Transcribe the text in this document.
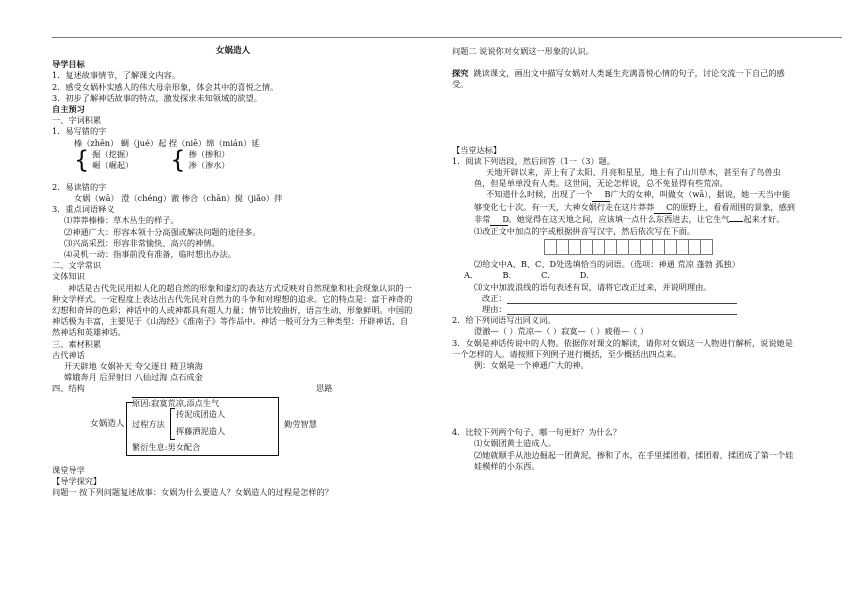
女娲造人
导学目标
1．复述故事情节，了解课文内容。
2．感受女娲朴实感人的伟大母亲形象，体会其中的喜悦之情。
3．初步了解神话故事的特点，激发探求未知领域的欲望。
自主预习
一、字词积累
1．易写错的字
榛（zhēn） 蜩（jué）起 捏（niē）绵（mián）延
{ 掘（挖掘）
崛（崛起）	{ 掺（掺和）
渗（渗水）
2．易读错的字
女娲（wā） 澄（chéng）澈 掺合（chān）搅（jiǎo）拌
3．重点词语释义
⑴莽莽榛榛：草木丛生的样子。
⑵神通广大：形容本领十分高强或解决问题的途径多。
⑶兴高采烈：形容非常愉快、高兴的神情。
⑷灵机一动：指事前没有准备，临时想出办法。
二、文学常识
文体知识
神话是古代先民用拟人化的超自然的形象和虚幻的表达方式反映对自然现象和社会现象认识的一种文学样式。一定程度上表达出古代先民对自然力的斗争和对理想的追求。它的特点是：富于神奇的幻想和奇异的色彩；神话中的人或神都具有超人力量；情节比较曲折，语言生动，形象鲜明。中国的神话极为丰富，主要见于《山海经》《淮南子》等作品中。神话一般可分为三种类型：开辟神话、自然神话和英雄神话。
三、素材积累
古代神话
开天辟地 女娲补天 夸父逐日 精卫填海
嫦娥奔月 后羿射日 八仙过海 点石成金
四、结构	思路
女娲造人
原因:寂寞荒凉,添点生气
过程方法
抟泥成团造人
挥藤洒泥造人
繁衍生息:男女配合
勤劳智慧
课堂导学
【导学探究】
问题一 按下列问题复述故事：女娲为什么要造人？女娲造人的过程是怎样的？
问题二 说说你对女娲这一形象的认识。
探究 跳读课文，画出文中描写女娲对人类诞生充满喜悦心情的句子，讨论交流一下自己的感受。
【当堂达标】
1．阅读下列语段，然后回答（1一（3）题。
天地开辟以来，弄上有了太阳、月亮和星星，地上有了山川草木，甚至有了鸟兽虫鱼，但是单单没有人类。这世间，无论怎样说，总不免显得有些荒凉。
不知道什么时候，出现了一个 B广大的女神，叫做女（wā），据说，她一天当中能够变化七十次。有一天，大神女娲行走在这片莽莽 C的原野上，看看周围的景象，感到非常 D。她觉得在这天地之间，应该填一点什么东西进去，让它生气 起来才好。
⑴改正文中加点的字或根据拼音写汉字，然后依次写在下面。
⑵给文中A、B、C、D处选填恰当的词语。（选项：神通 荒凉 蓬勃 孤独）
A.	B.	C.	D.
⑶文中加波浪线的语句表述有误，请将它改正过来，并说明理由。
改正：
理由：
2．给下列词语写出同义词。
澄澈—（ ）荒凉—（ ）寂寞—（ ）疲倦—（ ）
3．女娲是神话传说中的人物。依据你对课文的解读，请你对女娲这一人物进行解析，说说她是一个怎样的人。请按照下列例子进行概括，至少概括出四点来。
例：女娲是一个神通广大的神。
4．比较下列两个句子，哪一句更好？为什么？
⑴女娲团黄土造成人。
⑵她就顺手从池边掘起一团黄泥，掺和了水，在手里揉团着，揉团着，揉团成了第一个娃娃模样的小东西。
